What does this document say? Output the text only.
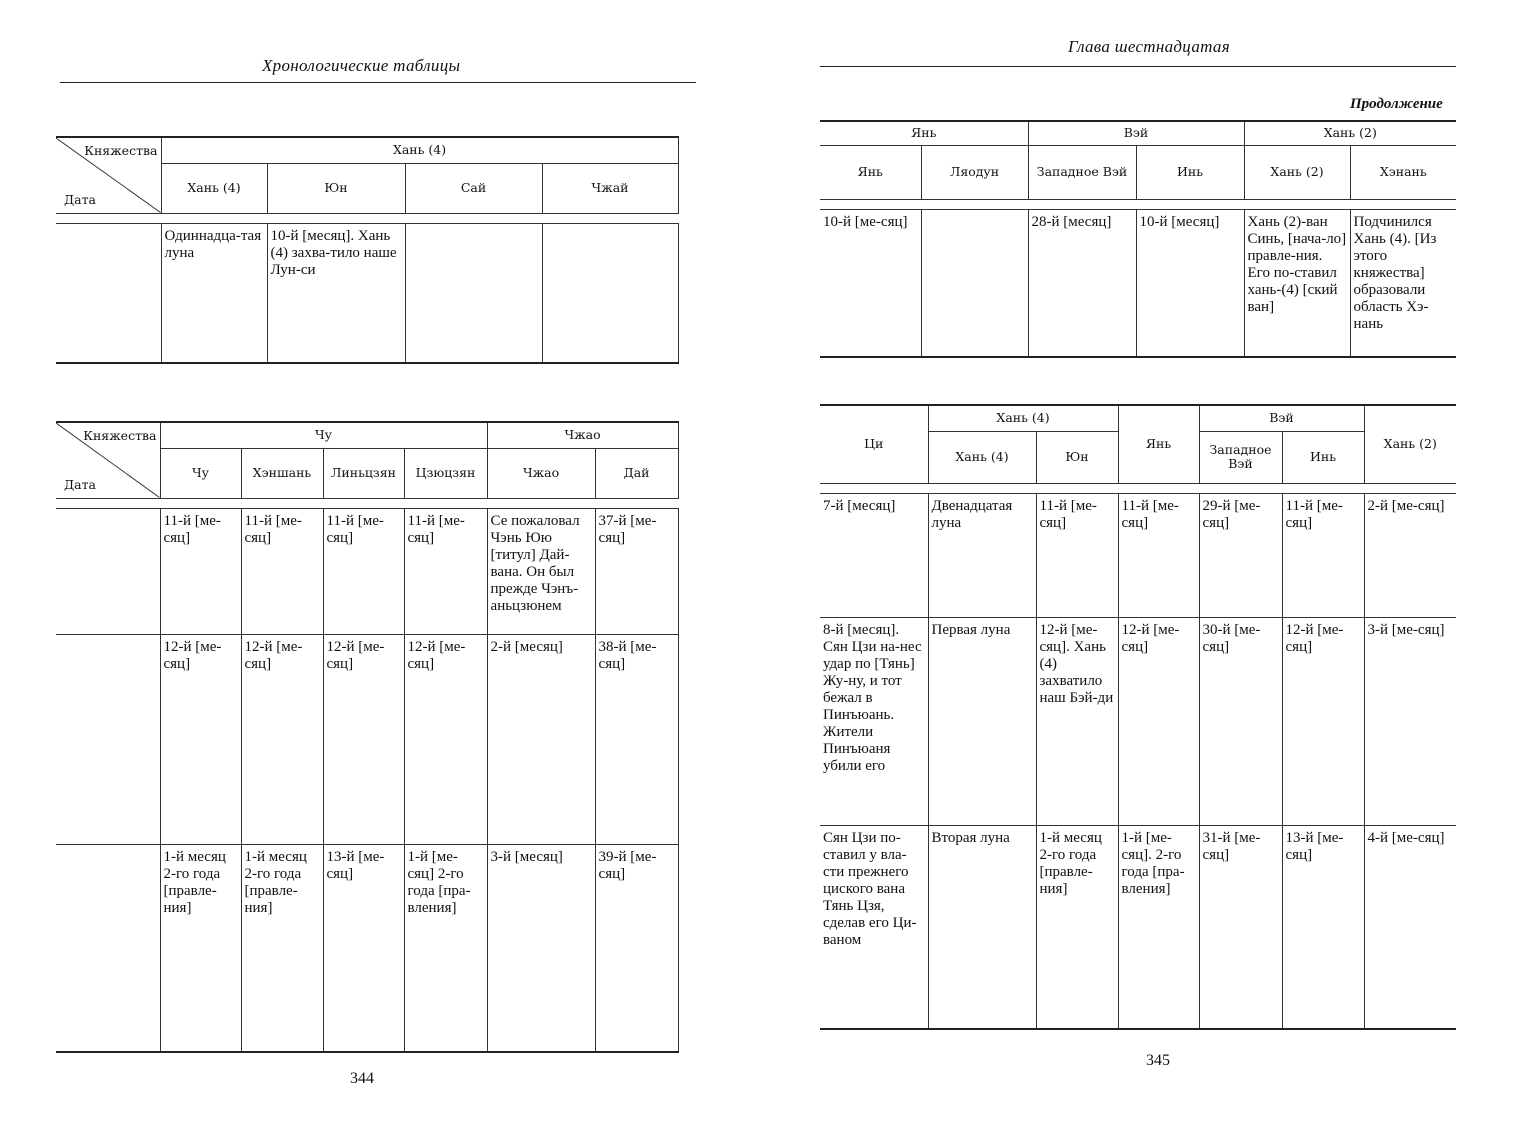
Хронологические таблицы
Княжества
Дата	Хань (4)			
	Хань (4)	Юн	Сай	Чжай

	Одиннадца-тая луна	10-й [месяц]. Хань (4) захва-тило наше Лун-си		
Княжества
Дата	Чу				Чжао	
	Чу	Хэншань	Линьцзян	Цзюцзян	Чжао	Дай

	11-й [ме-сяц]	11-й [ме-сяц]	11-й [ме-сяц]	11-й [ме-сяц]	Се пожаловал Чэнь Юю [титул] Дай-вана. Он был прежде Чэнъ-аньцзюнем	37-й [ме-сяц]
	12-й [ме-сяц]	12-й [ме-сяц]	12-й [ме-сяц]	12-й [ме-сяц]	2-й [месяц]	38-й [ме-сяц]
	1-й месяц 2-го года [правле-ния]	1-й месяц 2-го года [правле-ния]	13-й [ме-сяц]	1-й [ме-сяц] 2-го года [пра-вления]	3-й [месяц]	39-й [ме-сяц]
344
Глава шестнадцатая
Продолжение
Янь		Вэй		Хань (2)	
Янь	Ляодун	Западное Вэй	Инь	Хань (2)	Хэнань

10-й [ме-сяц]		28-й [месяц]	10-й [месяц]	Хань (2)-ван Синь, [нача-ло] правле-ния. Его по-ставил хань-(4) [ский ван]	Подчинился Хань (4). [Из этого княжества] образовали область Хэ-нань
Ци	Хань (4)		Янь	Вэй		Хань (2)
	Хань (4)	Юн		Западное Вэй	Инь	

7-й [месяц]	Двенадцатая луна	11-й [ме-сяц]	11-й [ме-сяц]	29-й [ме-сяц]	11-й [ме-сяц]	2-й [ме-сяц]
8-й [месяц]. Сян Цзи на-нес удар по [Тянь] Жу-ну, и тот бежал в Пинъюань. Жители Пинъюаня убили его	Первая луна	12-й [ме-сяц]. Хань (4) захватило наш Бэй-ди	12-й [ме-сяц]	30-й [ме-сяц]	12-й [ме-сяц]	3-й [ме-сяц]
Сян Цзи по-ставил у вла-сти прежнего циского вана Тянь Цзя, сделав его Ци-ваном	Вторая луна	1-й месяц 2-го года [правле-ния]	1-й [ме-сяц]. 2-го года [пра-вления]	31-й [ме-сяц]	13-й [ме-сяц]	4-й [ме-сяц]
345
